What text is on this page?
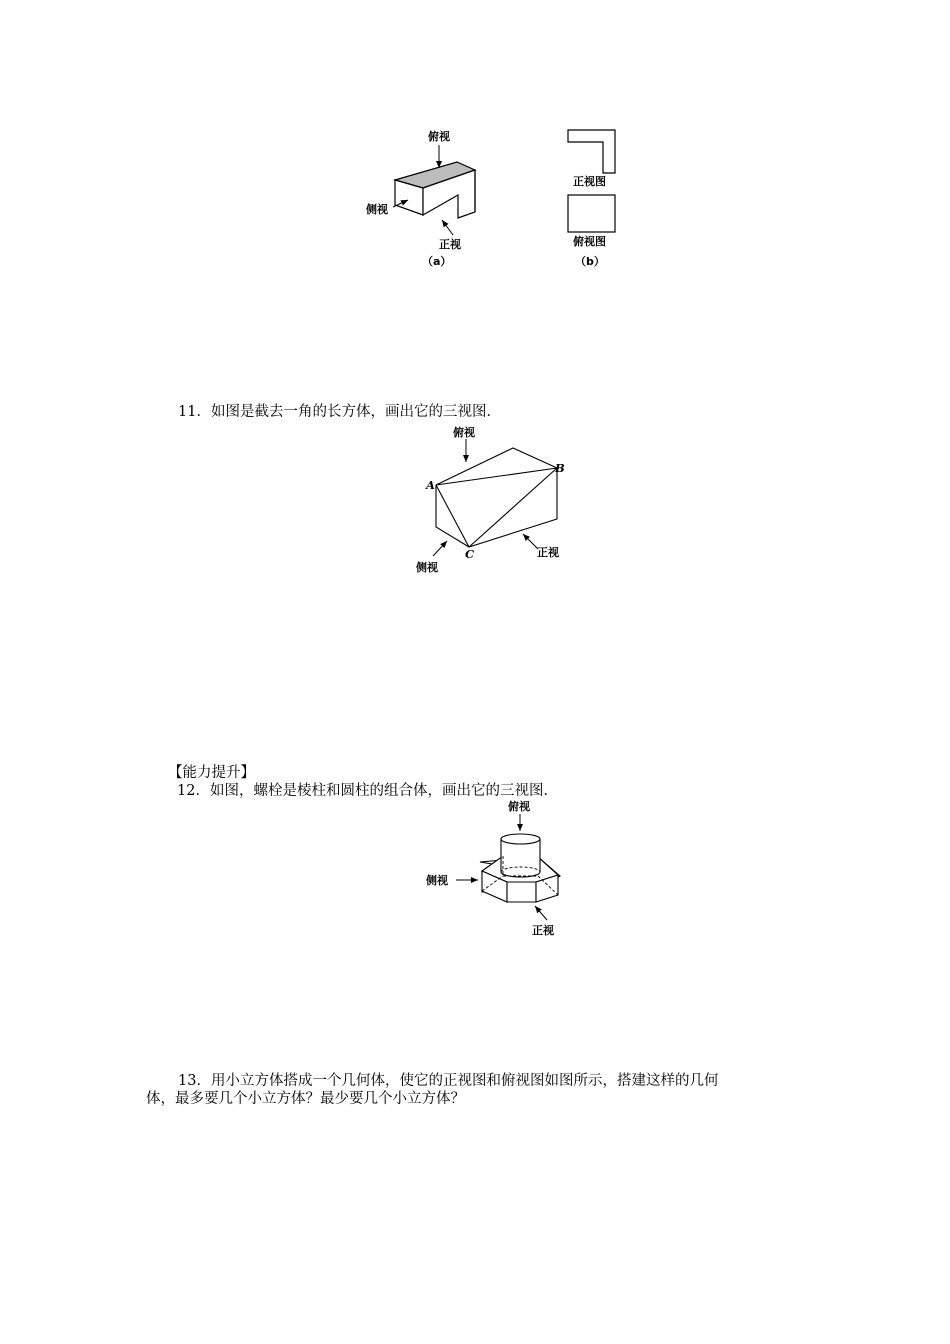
俯视
侧视
正视
（a）
正视图
俯视图
（b）
11．如图是截去一角的长方体，画出它的三视图．
俯视
侧视
正视
A
B
C
【能力提升】
12．如图，螺栓是棱柱和圆柱的组合体，画出它的三视图．
俯视
侧视
正视
13．用小立方体搭成一个几何体，使它的正视图和俯视图如图所示，搭建这样的几何
体，最多要几个小立方体？最少要几个小立方体？
